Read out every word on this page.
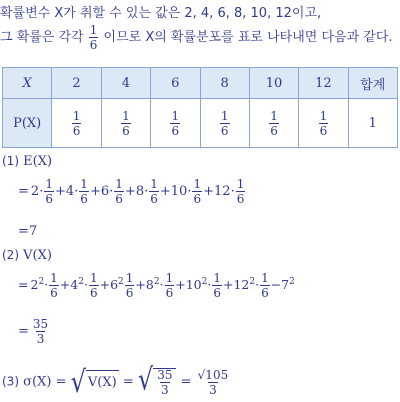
확률변수 X가 취할 수 있는 값은 2, 4, 6, 8, 10, 12이고,
그 확률은 각각 $\frac{1}{6}$ 이므로 X의 확률분포를 표로 나타내면 다음과 같다.
X	2	4	6	8	10	12	합계
P(X)	$\frac{1}{6}$	$\frac{1}{6}$	$\frac{1}{6}$	$\frac{1}{6}$	$\frac{1}{6}$	$\frac{1}{6}$	1
(1) E(X)
= $2\cdot \frac{1}{6} +4\cdot \frac{1}{6} +6\cdot \frac{1}{6} +8\cdot \frac{1}{6} +10\cdot \frac{1}{6} +12\cdot \frac{1}{6}$
=7
(2) V(X)
= $2^2\cdot \frac{1}{6} +4^2\cdot \frac{1}{6} +6^2 \frac{1}{6} +8^2\cdot \frac{1}{6} +10^2\cdot \frac{1}{6} +12^2\cdot \frac{1}{6} -7^2$
= $\frac{35}{3}$
(3) σ(X) = √ V(X) = √ $\frac{35}{3} = \frac{√105}{3}$
